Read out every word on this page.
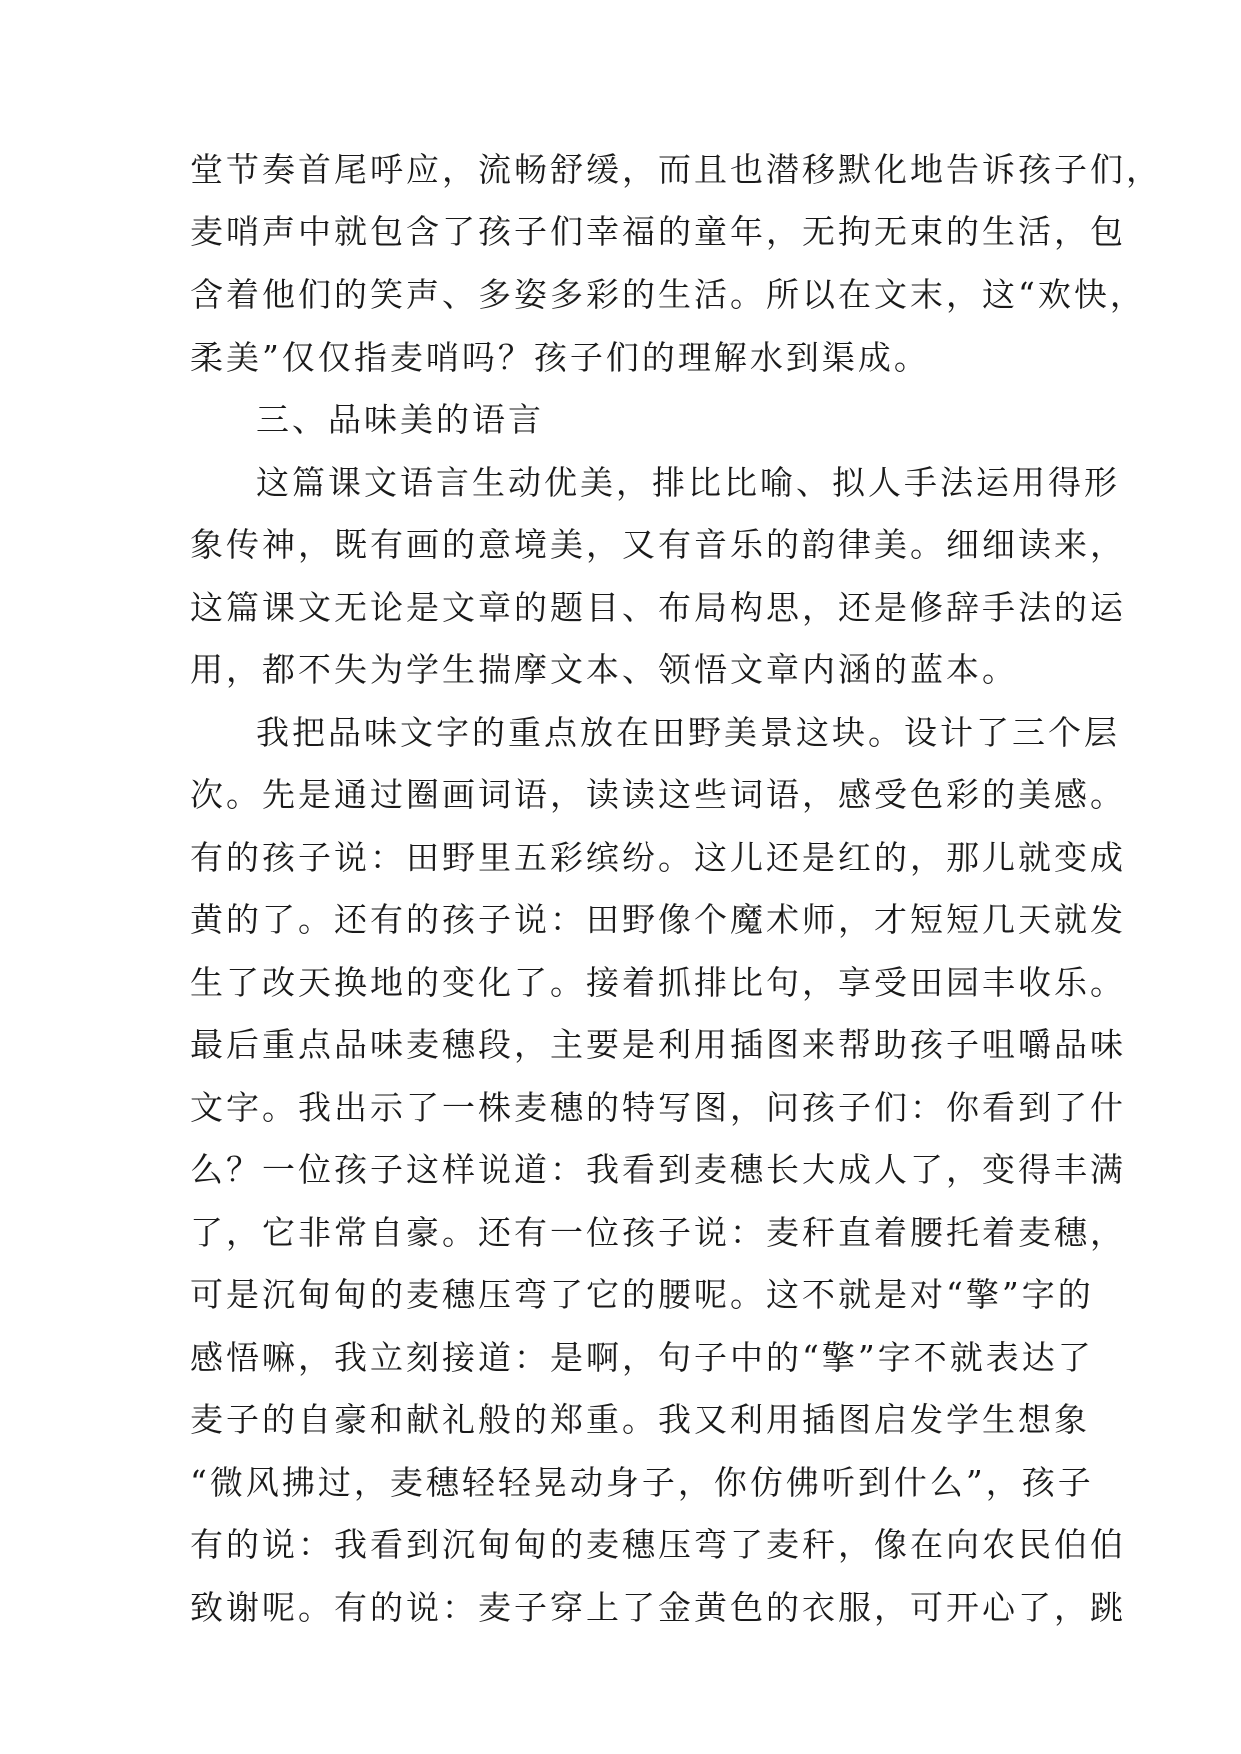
堂节奏首尾呼应，流畅舒缓，而且也潜移默化地告诉孩子们，
麦哨声中就包含了孩子们幸福的童年，无拘无束的生活，包
含着他们的笑声、多姿多彩的生活。所以在文末，这“欢快，
柔美”仅仅指麦哨吗？孩子们的理解水到渠成。
三、品味美的语言
这篇课文语言生动优美，排比比喻、拟人手法运用得形
象传神，既有画的意境美，又有音乐的韵律美。细细读来，
这篇课文无论是文章的题目、布局构思，还是修辞手法的运
用，都不失为学生揣摩文本、领悟文章内涵的蓝本。
我把品味文字的重点放在田野美景这块。设计了三个层
次。先是通过圈画词语，读读这些词语，感受色彩的美感。
有的孩子说：田野里五彩缤纷。这儿还是红的，那儿就变成
黄的了。还有的孩子说：田野像个魔术师，才短短几天就发
生了改天换地的变化了。接着抓排比句，享受田园丰收乐。
最后重点品味麦穗段，主要是利用插图来帮助孩子咀嚼品味
文字。我出示了一株麦穗的特写图，问孩子们：你看到了什
么？一位孩子这样说道：我看到麦穗长大成人了，变得丰满
了，它非常自豪。还有一位孩子说：麦秆直着腰托着麦穗，
可是沉甸甸的麦穗压弯了它的腰呢。这不就是对“擎”字的
感悟嘛，我立刻接道：是啊，句子中的“擎”字不就表达了
麦子的自豪和献礼般的郑重。我又利用插图启发学生想象
“微风拂过，麦穗轻轻晃动身子，你仿佛听到什么”，孩子
有的说：我看到沉甸甸的麦穗压弯了麦秆，像在向农民伯伯
致谢呢。有的说：麦子穿上了金黄色的衣服，可开心了，跳
